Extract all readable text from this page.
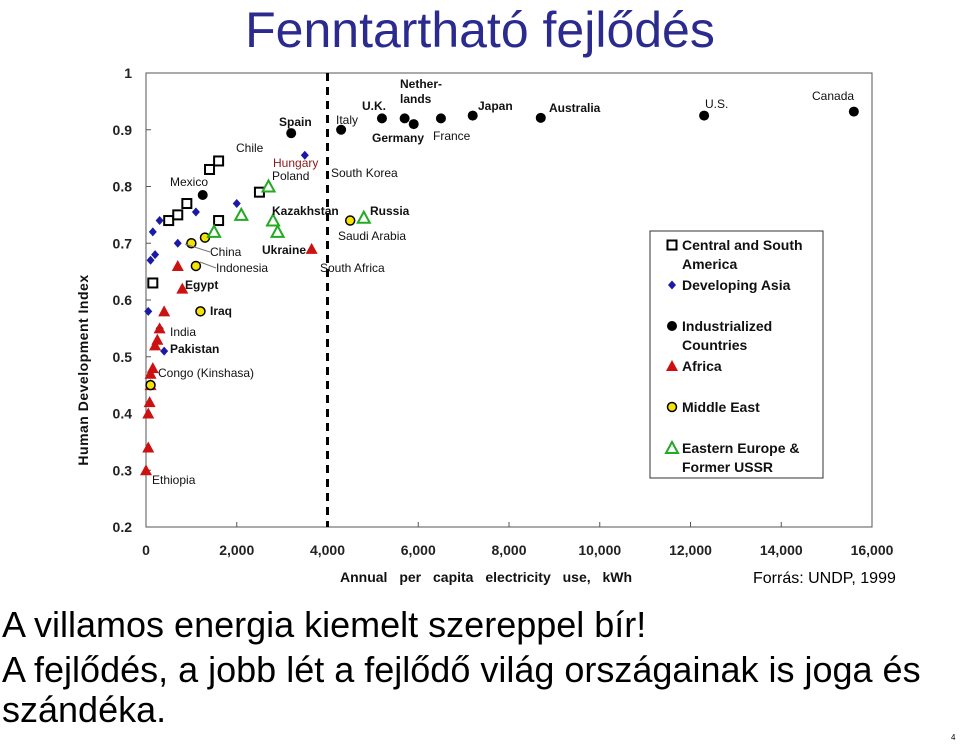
Fenntartható fejlődés
0	2,000	4,000	6,000	8,000	10,000	12,000	14,000	16,000
0.2
0.3
0.4
0.5
0.6
0.7
0.8
0.9
1
Annual per capita electricity use, kWh
Human Development Index
Canada
U.S.
Australia
Japan
Nether-
lands
France
Germany
U.K.
Italy
Spain
South Korea
Hungary
Poland
Chile
Mexico
Kazakhstan	Russia
Saudi Arabia
China Ukraine
Indonesia	South Africa
Egypt
Iraq
India
Pakistan
Congo (Kinshasa)
Ethiopia
Central and South
America
Developing Asia
Industrialized
Countries
Africa
Middle East
Eastern Europe &
Former USSR
Forrás: UNDP, 1999
A villamos energia kiemelt szereppel bír!
A fejlődés, a jobb lét a fejlődő világ országainak is joga és szándéka.
4
